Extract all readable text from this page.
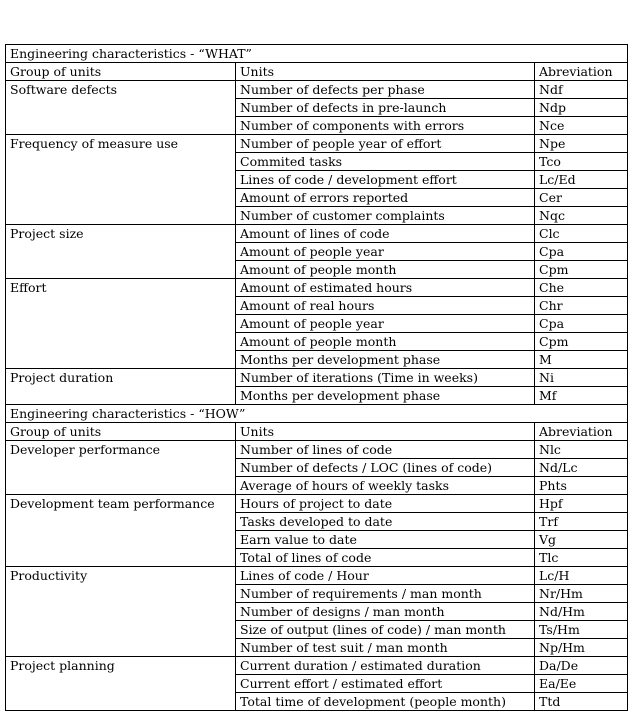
Engineering characteristics - “WHAT”		
Group of units	Units	Abreviation
Software defects	Number of defects per phase	Ndf
	Number of defects in pre-launch	Ndp
	Number of components with errors	Nce
Frequency of measure use	Number of people year of effort	Npe
	Commited tasks	Tco
	Lines of code / development effort	Lc/Ed
	Amount of errors reported	Cer
	Number of customer complaints	Nqc
Project size	Amount of lines of code	Clc
	Amount of people year	Cpa
	Amount of people month	Cpm
Effort	Amount of estimated hours	Che
	Amount of real hours	Chr
	Amount of people year	Cpa
	Amount of people month	Cpm
	Months per development phase	M
Project duration	Number of iterations (Time in weeks)	Ni
	Months per development phase	Mf
Engineering characteristics - “HOW”		
Group of units	Units	Abreviation
Developer performance	Number of lines of code	Nlc
	Number of defects / LOC (lines of code)	Nd/Lc
	Average of hours of weekly tasks	Phts
Development team performance	Hours of project to date	Hpf
	Tasks developed to date	Trf
	Earn value to date	Vg
	Total of lines of code	Tlc
Productivity	Lines of code / Hour	Lc/H
	Number of requirements / man month	Nr/Hm
	Number of designs / man month	Nd/Hm
	Size of output (lines of code) / man month	Ts/Hm
	Number of test suit / man month	Np/Hm
Project planning	Current duration / estimated duration	Da/De
	Current effort / estimated effort	Ea/Ee
	Total time of development (people month)	Ttd
